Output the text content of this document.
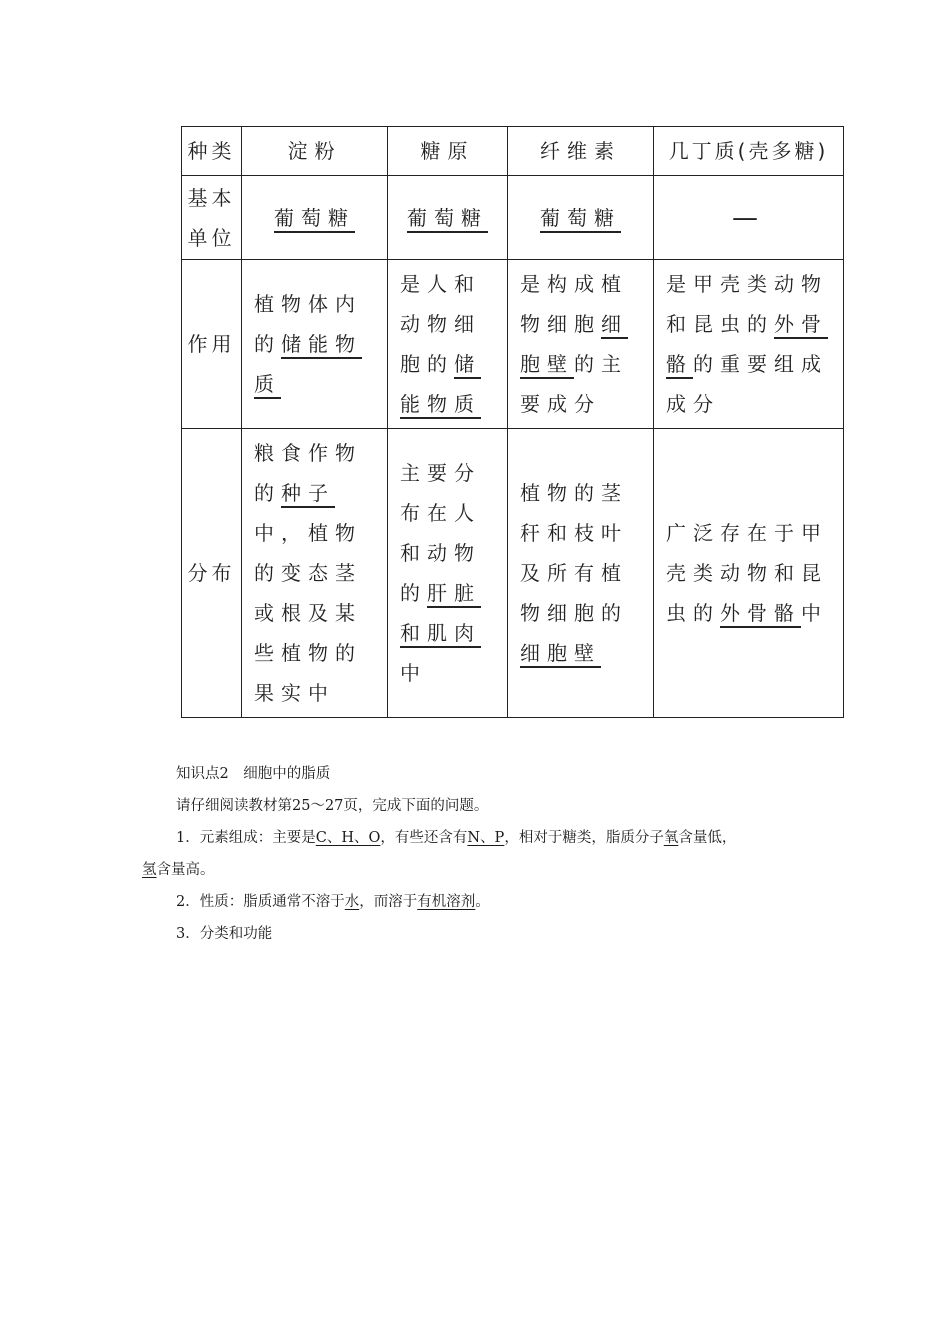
种类	淀粉	糖原	纤维素	几丁质(壳多糖)
基本单位	葡萄糖	葡萄糖	葡萄糖	—
作用	植物体内的储能物质	是人和动物细胞的储能物质	是构成植物细胞细胞壁的主要成分	是甲壳类动物和昆虫的外骨骼的重要组成成分
分布	粮食作物的种子中，植物的变态茎或根及某些植物的果实中	主要分布在人和动物的肝脏和肌肉中	植物的茎秆和枝叶及所有植物细胞的细胞壁	广泛存在于甲壳类动物和昆虫的外骨骼中

知识点2　细胞中的脂质

请仔细阅读教材第25～27页，完成下面的问题。

1．元素组成：主要是C、H、O，有些还含有N、P，相对于糖类，脂质分子氧含量低，

氢含量高。

2．性质：脂质通常不溶于水，而溶于有机溶剂。

3．分类和功能
